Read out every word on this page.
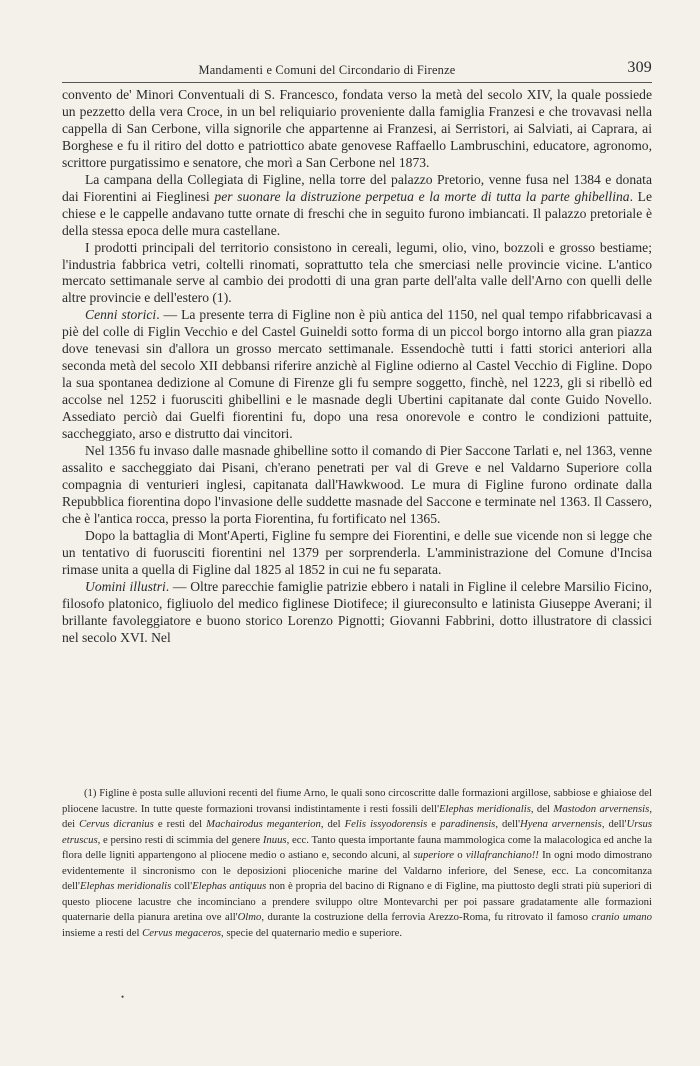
Mandamenti e Comuni del Circondario di Firenze	309

convento de' Minori Conventuali di S. Francesco, fondata verso la metà del secolo XIV, la quale possiede un pezzetto della vera Croce, in un bel reliquiario proveniente dalla famiglia Franzesi e che trovavasi nella cappella di San Cerbone, villa signorile che appartenne ai Franzesi, ai Serristori, ai Salviati, ai Caprara, ai Borghese e fu il ritiro del dotto e patriottico abate genovese Raffaello Lambruschini, educatore, agronomo, scrittore purgatissimo e senatore, che morì a San Cerbone nel 1873.

La campana della Collegiata di Figline, nella torre del palazzo Pretorio, venne fusa nel 1384 e donata dai Fiorentini ai Fieglinesi per suonare la distruzione perpetua e la morte di tutta la parte ghibellina. Le chiese e le cappelle andavano tutte ornate di freschi che in seguito furono imbiancati. Il palazzo pretoriale è della stessa epoca delle mura castellane.

I prodotti principali del territorio consistono in cereali, legumi, olio, vino, bozzoli e grosso bestiame; l'industria fabbrica vetri, coltelli rinomati, soprattutto tela che smerciasi nelle provincie vicine. L'antico mercato settimanale serve al cambio dei prodotti di una gran parte dell'alta valle dell'Arno con quelli delle altre provincie e dell'estero (1).

Cenni storici. — La presente terra di Figline non è più antica del 1150, nel qual tempo rifabbricavasi a piè del colle di Figlin Vecchio e del Castel Guineldi sotto forma di un piccol borgo intorno alla gran piazza dove tenevasi sin d'allora un grosso mercato settimanale. Essendochè tutti i fatti storici anteriori alla seconda metà del secolo XII debbansi riferire anzichè al Figline odierno al Castel Vecchio di Figline. Dopo la sua spontanea dedizione al Comune di Firenze gli fu sempre soggetto, finchè, nel 1223, gli si ribellò ed accolse nel 1252 i fuorusciti ghibellini e le masnade degli Ubertini capitanate dal conte Guido Novello. Assediato perciò dai Guelfi fiorentini fu, dopo una resa onorevole e contro le condizioni pattuite, saccheggiato, arso e distrutto dai vincitori.

Nel 1356 fu invaso dalle masnade ghibelline sotto il comando di Pier Saccone Tarlati e, nel 1363, venne assalito e saccheggiato dai Pisani, ch'erano penetrati per val di Greve e nel Valdarno Superiore colla compagnia di venturieri inglesi, capitanata dall'Hawkwood. Le mura di Figline furono ordinate dalla Repubblica fiorentina dopo l'invasione delle suddette masnade del Saccone e terminate nel 1363. Il Cassero, che è l'antica rocca, presso la porta Fiorentina, fu fortificato nel 1365.

Dopo la battaglia di Mont'Aperti, Figline fu sempre dei Fiorentini, e delle sue vicende non si legge che un tentativo di fuorusciti fiorentini nel 1379 per sorprenderla. L'amministrazione del Comune d'Incisa rimase unita a quella di Figline dal 1825 al 1852 in cui ne fu separata.

Uomini illustri. — Oltre parecchie famiglie patrizie ebbero i natali in Figline il celebre Marsilio Ficino, filosofo platonico, figliuolo del medico figlinese Diotifece; il giureconsulto e latinista Giuseppe Averani; il brillante favoleggiatore e buono storico Lorenzo Pignotti; Giovanni Fabbrini, dotto illustratore di classici nel secolo XVI. Nel

(1) Figline è posta sulle alluvioni recenti del fiume Arno, le quali sono circoscritte dalle formazioni argillose, sabbiose e ghiaiose del pliocene lacustre. In tutte queste formazioni trovansi indistintamente i resti fossili dell'Elephas meridionalis, del Mastodon arvernensis, dei Cervus dicranius e resti del Machairodus meganterion, del Felis issyodorensis e paradinensis, dell'Hyena arvernensis, dell'Ursus etruscus, e persino resti di scimmia del genere Inuus, ecc. Tanto questa importante fauna mammologica come la malacologica ed anche la flora delle ligniti appartengono al pliocene medio o astiano e, secondo alcuni, al superiore o villafranchiano!! In ogni modo dimostrano evidentemente il sincronismo con le deposizioni plioceniche marine del Valdarno inferiore, del Senese, ecc. La concomitanza dell'Elephas meridionalis coll'Elephas antiquus non è propria del bacino di Rignano e di Figline, ma piuttosto degli strati più superiori di questo pliocene lacustre che incominciano a prendere sviluppo oltre Montevarchi per poi passare gradatamente alle formazioni quaternarie della pianura aretina ove all'Olmo, durante la costruzione della ferrovia Arezzo-Roma, fu ritrovato il famoso cranio umano insieme a resti del Cervus megaceros, specie del quaternario medio e superiore.

•
